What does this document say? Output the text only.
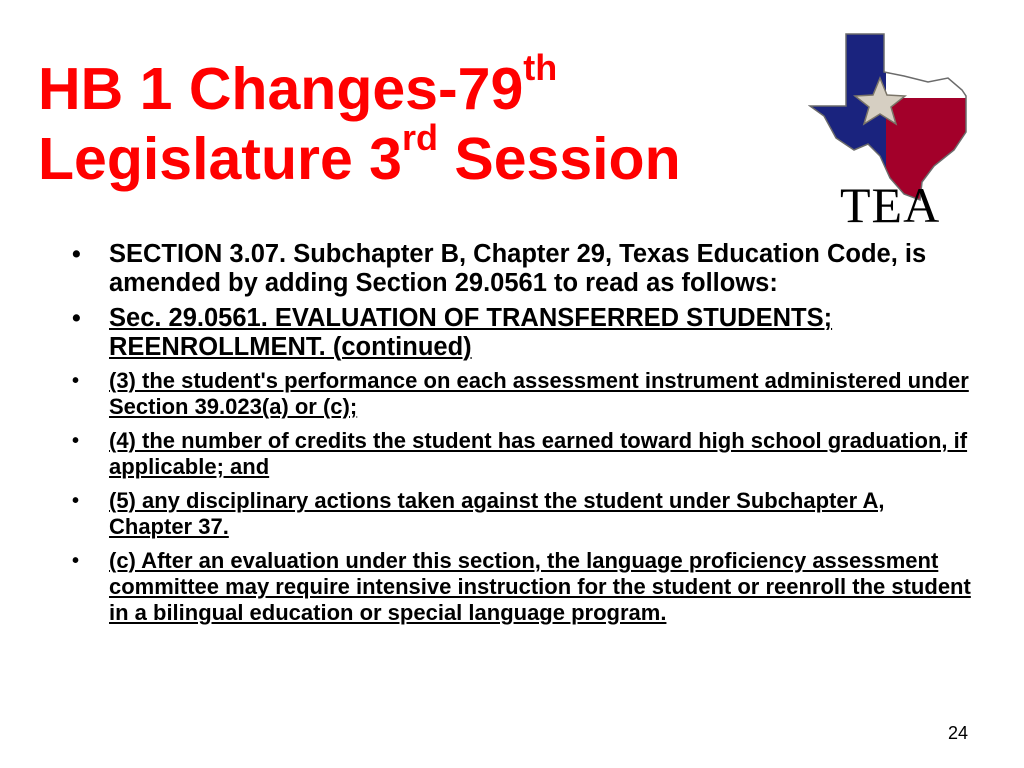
HB 1 Changes-79th
Legislature 3rd Session
TEA
• SECTION 3.07. Subchapter B, Chapter 29, Texas Education Code, is amended by adding Section 29.0561 to read as follows:
• Sec. 29.0561. EVALUATION OF TRANSFERRED STUDENTS; REENROLLMENT. (continued)
• (3) the student's performance on each assessment instrument administered under Section 39.023(a) or (c);
• (4) the number of credits the student has earned toward high school graduation, if applicable; and
• (5) any disciplinary actions taken against the student under Subchapter A, Chapter 37.
• (c) After an evaluation under this section, the language proficiency assessment committee may require intensive instruction for the student or reenroll the student in a bilingual education or special language program.
24
